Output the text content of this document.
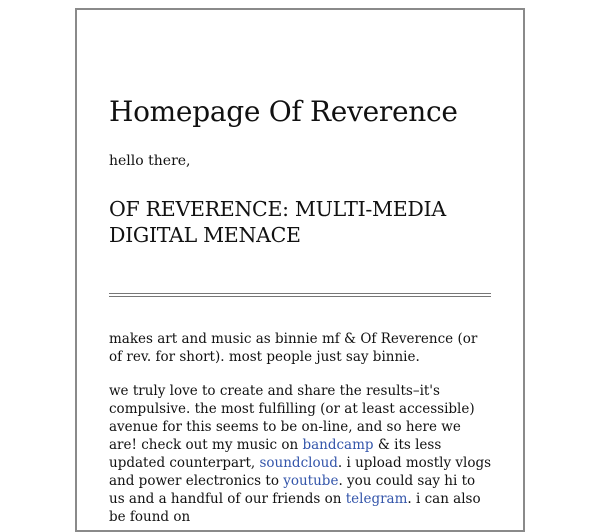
Homepage Of Reverence

hello there,

OF REVERENCE: MULTI-MEDIA DIGITAL MENACE

makes art and music as binnie mf & Of Reverence (or of rev. for short). most people just say binnie.

we truly love to create and share the results–it's compulsive. the most fulfilling (or at least accessible) avenue for this seems to be on-line, and so here we are! check out my music on bandcamp & its less updated counterpart, soundcloud. i upload mostly vlogs and power electronics to youtube. you could say hi to us and a handful of our friends on telegram. i can also be found on
